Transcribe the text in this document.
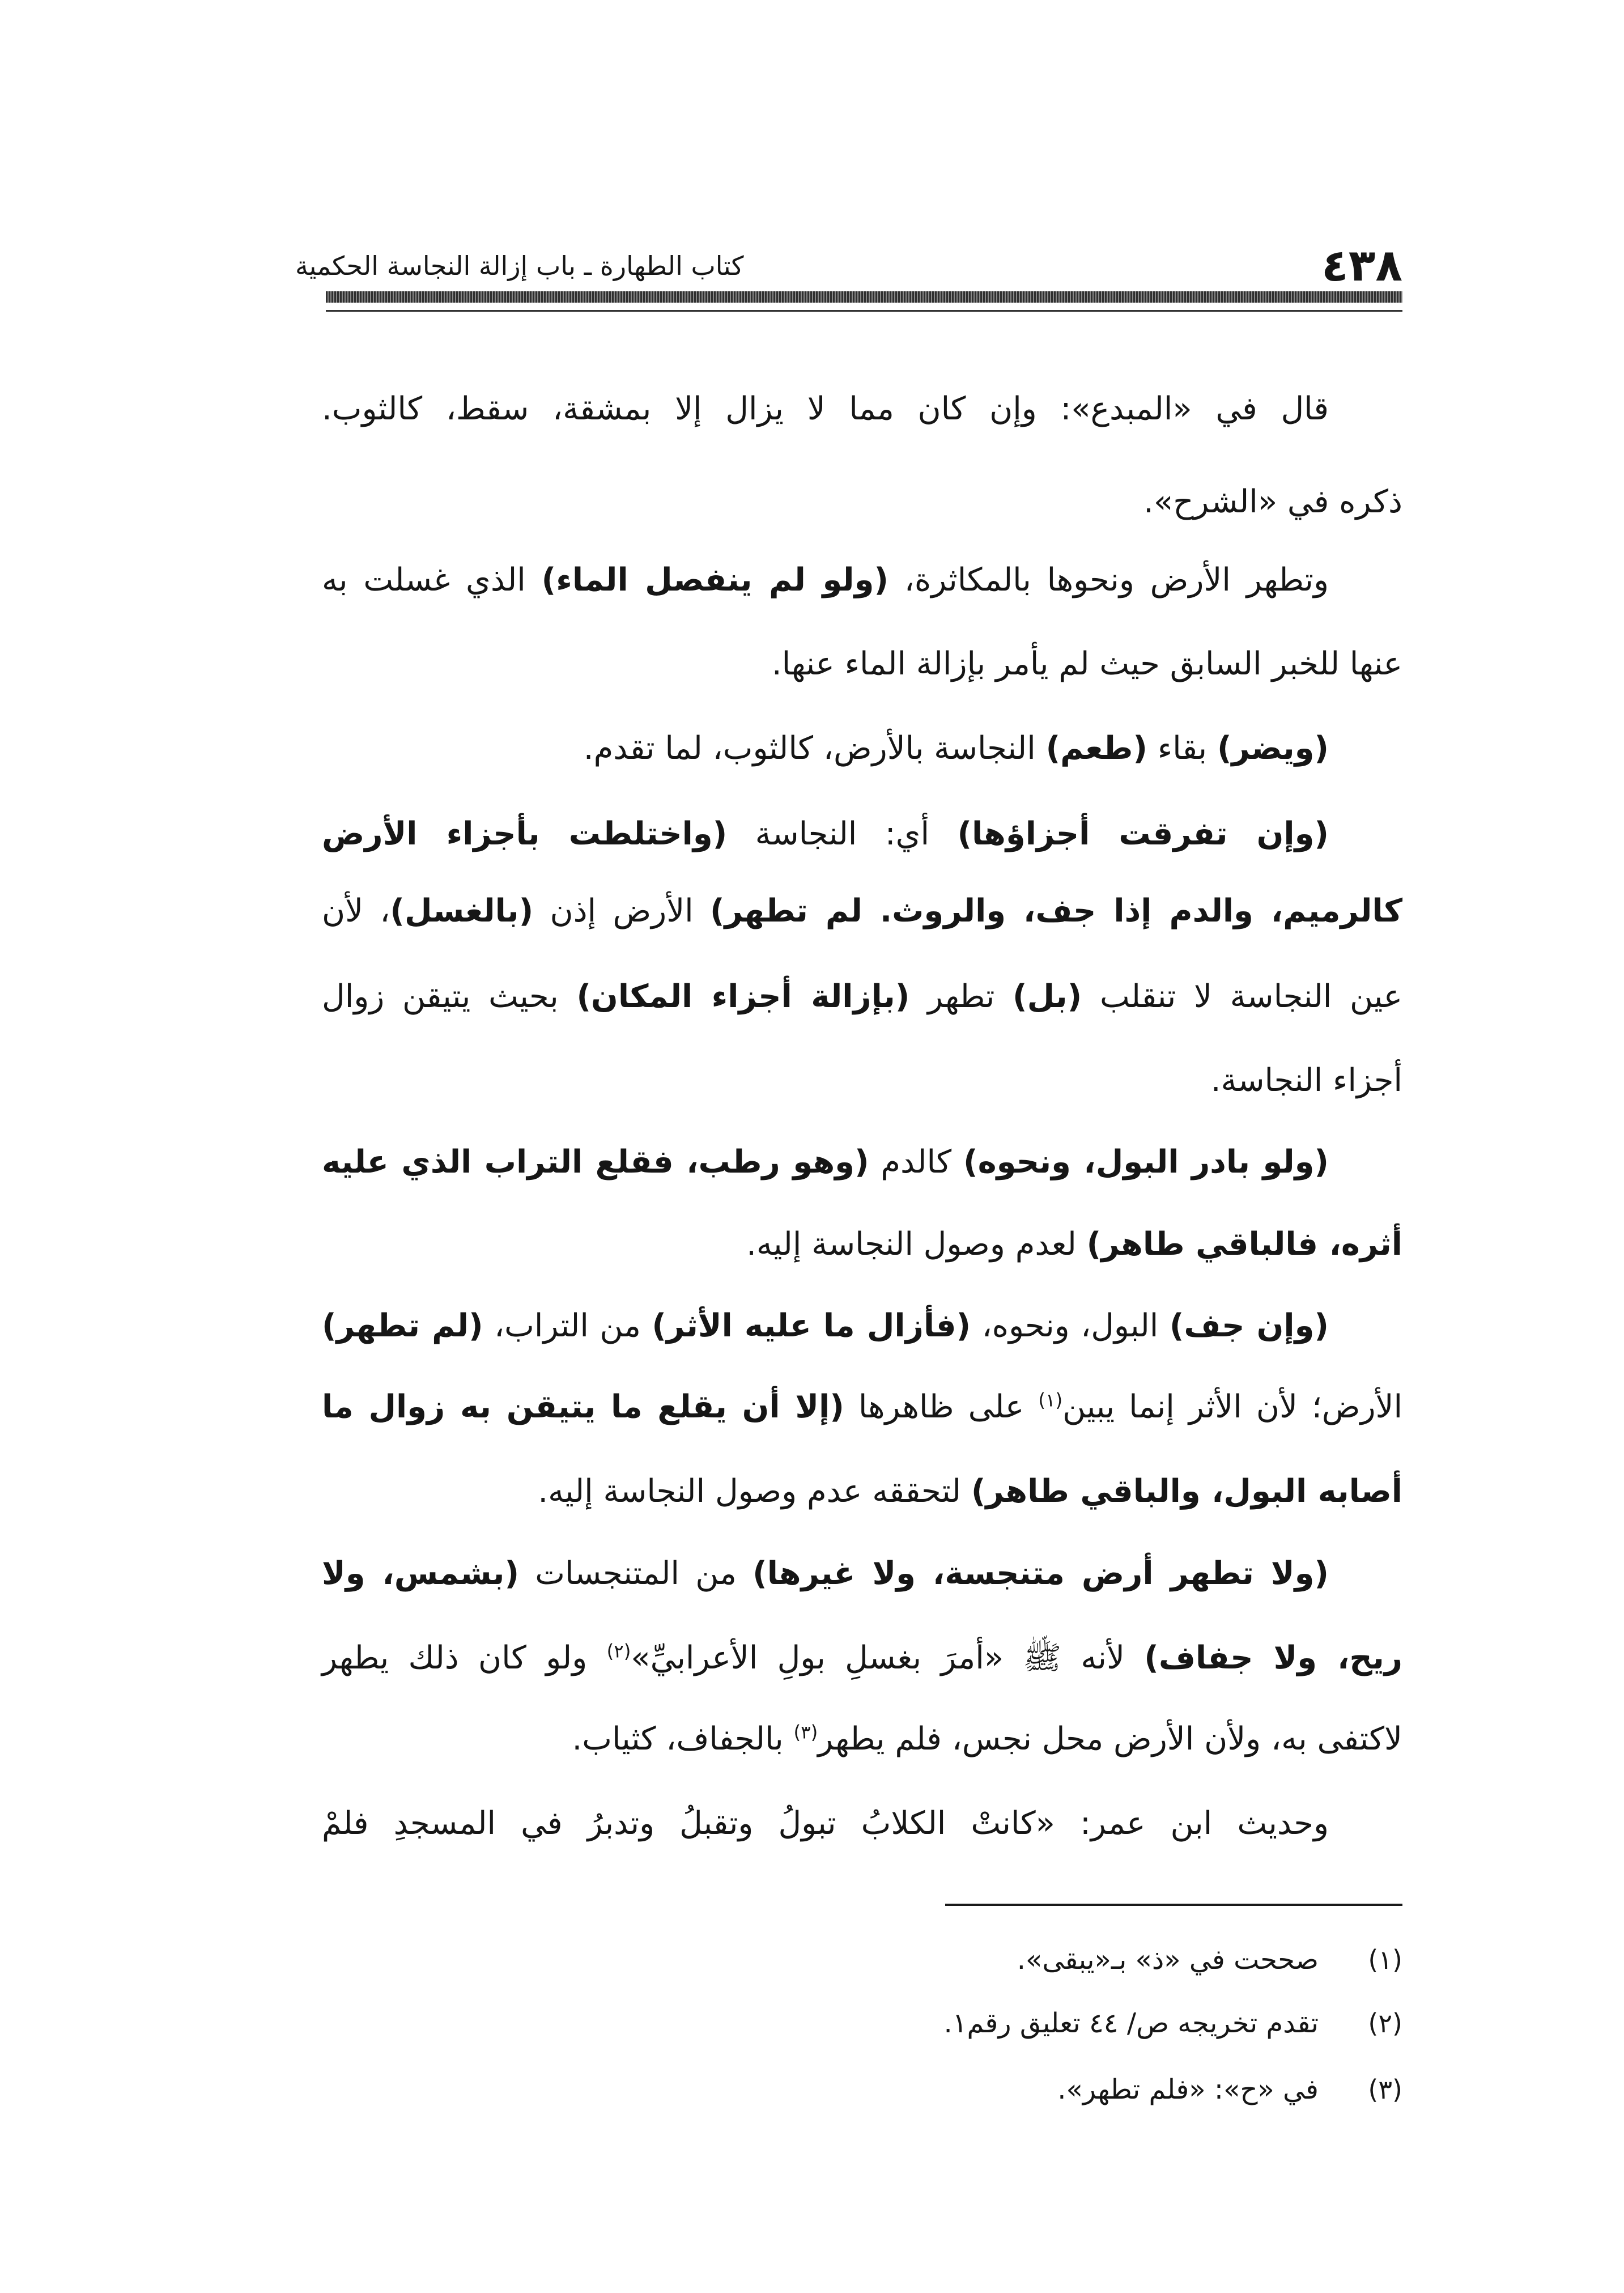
٤٣٨
كتاب الطهارة ـ باب إزالة النجاسة الحكمية
قال في «المبدع»: وإن كان مما لا يزال إلا بمشقة، سقط، كالثوب.
ذكره في «الشرح».
وتطهر الأرض ونحوها بالمكاثرة، (ولو لم ينفصل الماء) الذي غسلت به
عنها للخبر السابق حيث لم يأمر بإزالة الماء عنها.
(ويضر) بقاء (طعم) النجاسة بالأرض، كالثوب، لما تقدم.
(وإن تفرقت أجزاؤها) أي: النجاسة (واختلطت بأجزاء الأرض
كالرميم، والدم إذا جف، والروث. لم تطهر) الأرض إذن (بالغسل)، لأن
عين النجاسة لا تنقلب (بل) تطهر (بإزالة أجزاء المكان) بحيث يتيقن زوال
أجزاء النجاسة.
(ولو بادر البول، ونحوه) كالدم (وهو رطب، فقلع التراب الذي عليه
أثره، فالباقي طاهر) لعدم وصول النجاسة إليه.
(وإن جف) البول، ونحوه، (فأزال ما عليه الأثر) من التراب، (لم تطهر)
الأرض؛ لأن الأثر إنما يبين$^{(١)}$ على ظاهرها (إلا أن يقلع ما يتيقن به زوال ما
أصابه البول، والباقي طاهر) لتحققه عدم وصول النجاسة إليه.
(ولا تطهر أرض متنجسة، ولا غيرها) من المتنجسات (بشمس، ولا
ريح، ولا جفاف) لأنه ﷺ «أمرَ بغسلِ بولِ الأعرابيِّ»$^{(٢)}$ ولو كان ذلك يطهر
لاكتفى به، ولأن الأرض محل نجس، فلم يطهر$^{(٣)}$ بالجفاف، كثياب.
وحديث ابن عمر: «كانتْ الكلابُ تبولُ وتقبلُ وتدبرُ في المسجدِ فلمْ
(١)
صححت في «ذ» بـ«يبقى».
(٢)
تقدم تخريجه ص/ ٤٤ تعليق رقم١.
(٣)
في «ح»: «فلم تطهر».
